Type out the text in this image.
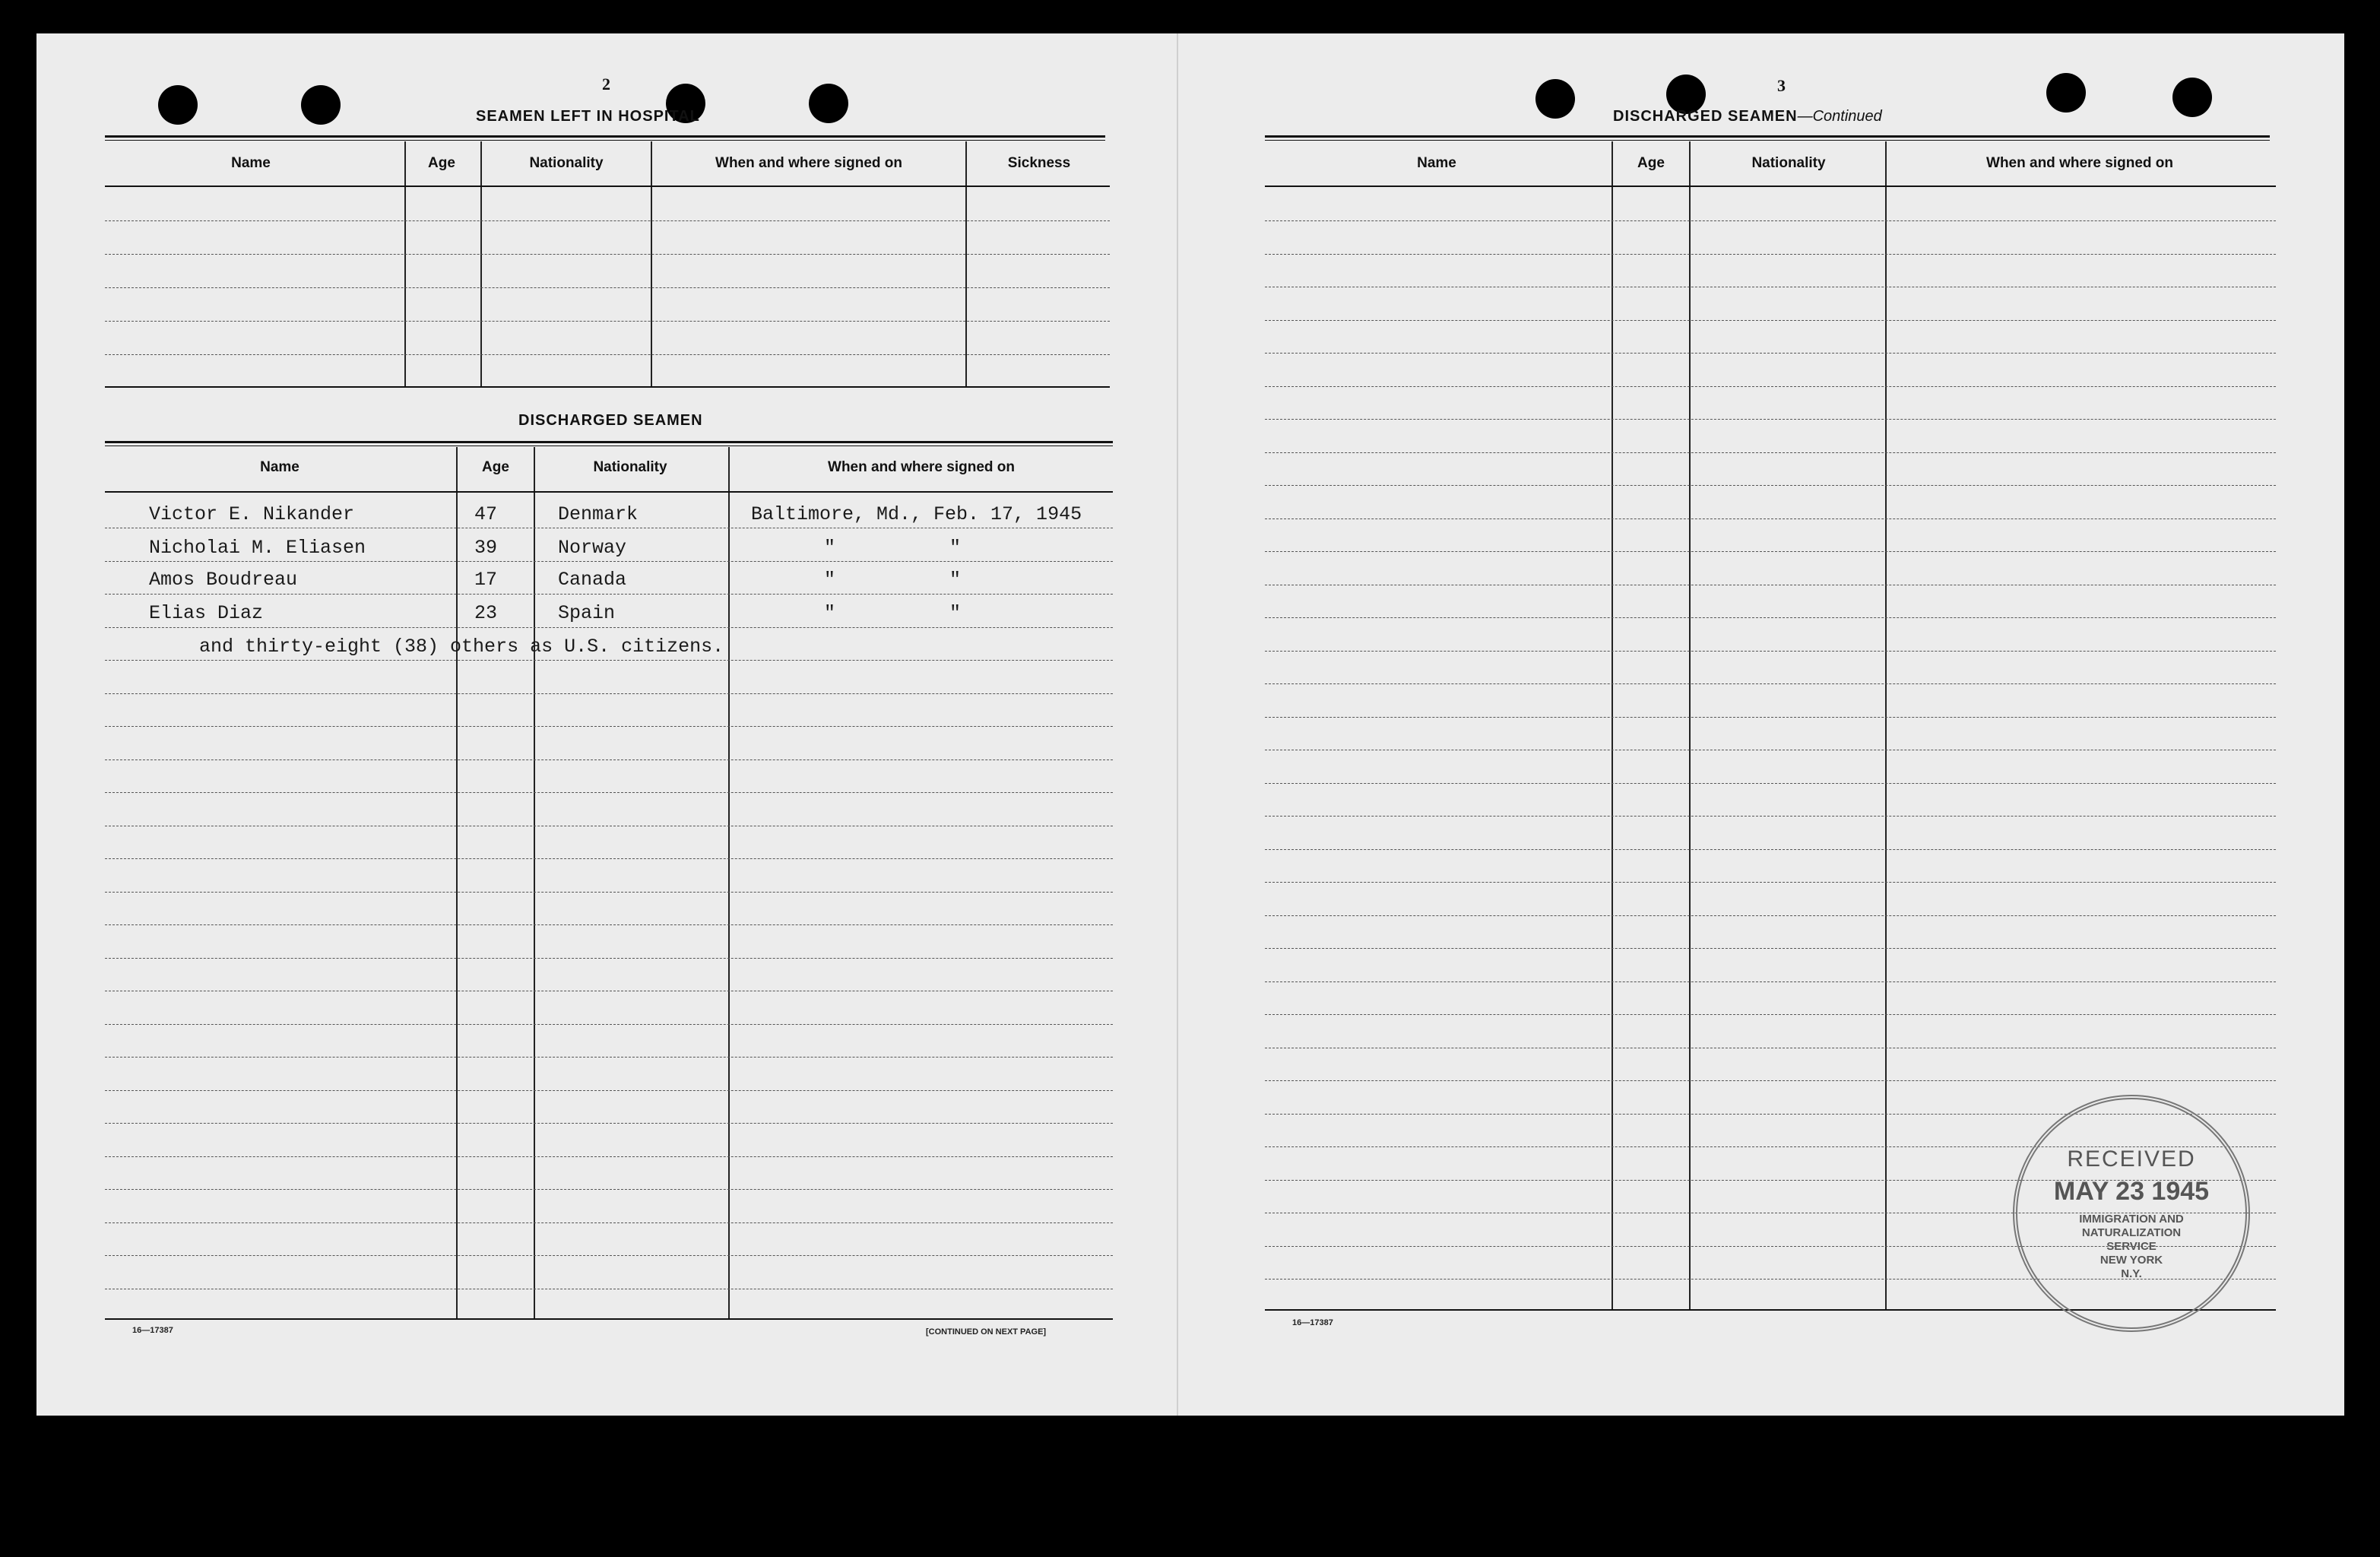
2
SEAMEN LEFT IN HOSPITAL
Name	Age	Nationality	When and where signed on	Sickness
DISCHARGED SEAMEN
Name	Age	Nationality	When and where signed on
Victor E. Nikander	47	Denmark	Baltimore, Md., Feb. 17, 1945
Nicholai M. Eliasen	39	Norway	"          "
Amos Boudreau	17	Canada	"          "
Elias Diaz	23	Spain	"          "
and thirty-eight (38) others as U.S. citizens.
16—17387	[CONTINUED ON NEXT PAGE]
3
DISCHARGED SEAMEN—Continued
Name	Age	Nationality	When and where signed on
16—17387
RECEIVED
MAY 23 1945
IMMIGRATION AND
NATURALIZATION
SERVICE
NEW YORK
N.Y.
